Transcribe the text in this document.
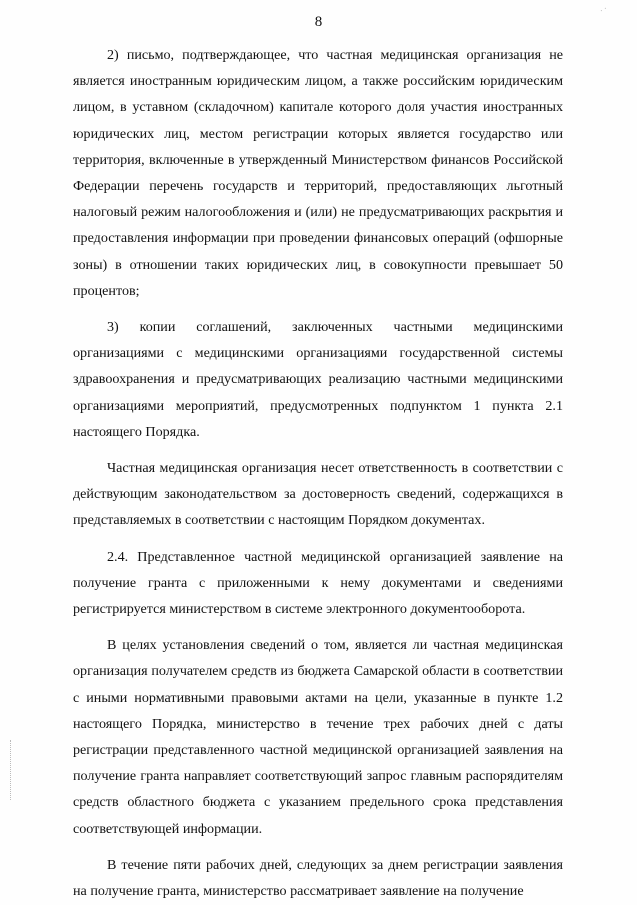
· ·
8

2) письмо, подтверждающее, что частная медицинская организация не является иностранным юридическим лицом, а также российским юридическим лицом, в уставном (складочном) капитале которого доля участия иностранных юридических лиц, местом регистрации которых является государство или территория, включенные в утвержденный Министерством финансов Российской Федерации перечень государств и территорий, предоставляющих льготный налоговый режим налогообложения и (или) не предусматривающих раскрытия и предоставления информации при проведении финансовых операций (офшорные зоны) в отношении таких юридических лиц, в совокупности превышает 50 процентов;

3) копии соглашений, заключенных частными медицинскими организациями с медицинскими организациями государственной системы здравоохранения и предусматривающих реализацию частными медицинскими организациями мероприятий, предусмотренных подпунктом 1 пункта 2.1 настоящего Порядка.

Частная медицинская организация несет ответственность в соответствии с действующим законодательством за достоверность сведений, содержащихся в представляемых в соответствии с настоящим Порядком документах.

2.4. Представленное частной медицинской организацией заявление на получение гранта с приложенными к нему документами и сведениями регистрируется министерством в системе электронного документооборота.

В целях установления сведений о том, является ли частная медицинская организация получателем средств из бюджета Самарской области в соответствии с иными нормативными правовыми актами на цели, указанные в пункте 1.2 настоящего Порядка, министерство в течение трех рабочих дней с даты регистрации представленного частной медицинской организацией заявления на получение гранта направляет соответствующий запрос главным распорядителям средств областного бюджета с указанием предельного срока представления соответствующей информации.

В течение пяти рабочих дней, следующих за днем регистрации заявления на получение гранта, министерство рассматривает заявление на получение
